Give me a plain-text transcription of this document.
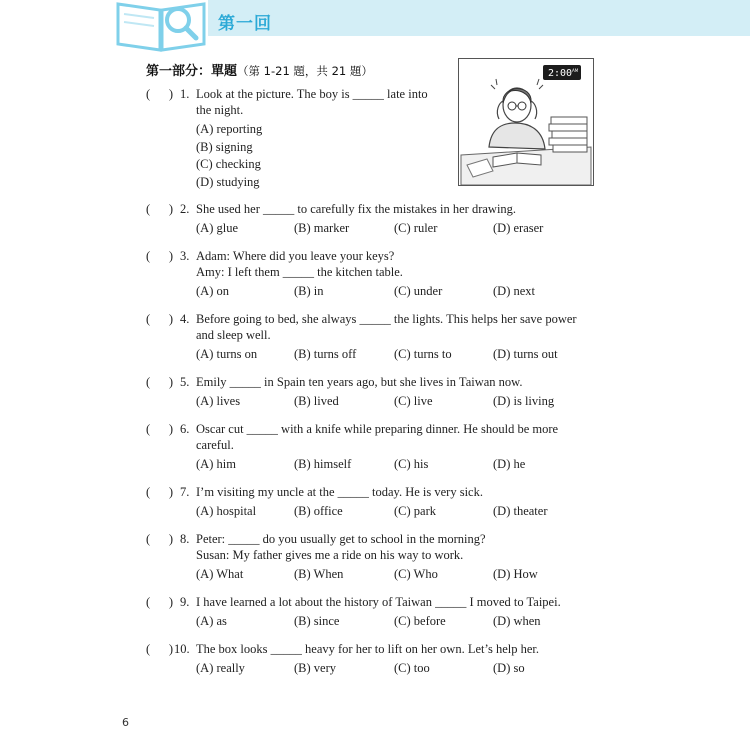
第一回
第一部分：單題（第 1-21 題，共 21 題）	2:00 AM
(      ) 1. Look at the picture. The boy is _____ late into
the night.
(A) reporting
(B) signing
(C) checking
(D) studying
(      ) 2. She used her _____ to carefully fix the mistakes in her drawing.
(A) glue	(B) marker	(C) ruler	(D) eraser
(      ) 3. Adam: Where did you leave your keys?
Amy: I left them _____ the kitchen table.
(A) on	(B) in	(C) under	(D) next
(      ) 4. Before going to bed, she always _____ the lights. This helps her save power
and sleep well.
(A) turns on	(B) turns off	(C) turns to	(D) turns out
(      ) 5. Emily _____ in Spain ten years ago, but she lives in Taiwan now.
(A) lives	(B) lived	(C) live	(D) is living
(      ) 6. Oscar cut _____ with a knife while preparing dinner. He should be more
careful.
(A) him	(B) himself	(C) his	(D) he
(      ) 7. I’m visiting my uncle at the _____ today. He is very sick.
(A) hospital	(B) office	(C) park	(D) theater
(      ) 8. Peter: _____ do you usually get to school in the morning?
Susan: My father gives me a ride on his way to work.
(A) What	(B) When	(C) Who	(D) How
(      ) 9. I have learned a lot about the history of Taiwan _____ I moved to Taipei.
(A) as	(B) since	(C) before	(D) when
(      ) 10. The box looks _____ heavy for her to lift on her own. Let’s help her.
(A) really	(B) very	(C) too	(D) so
6
